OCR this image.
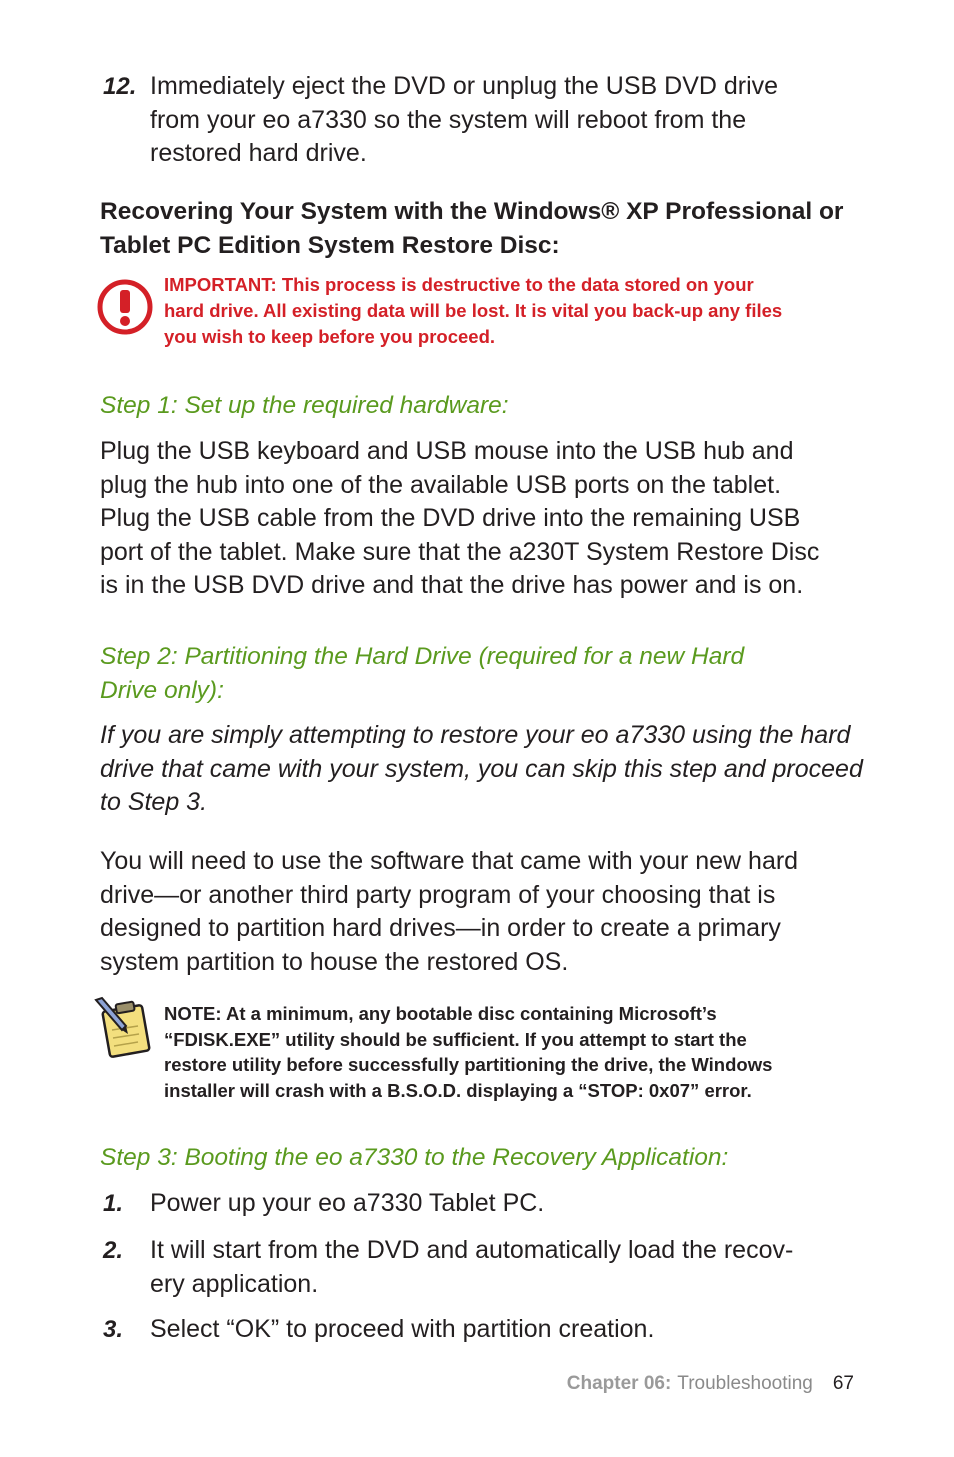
12. Immediately eject the DVD or unplug the USB DVD drive
from your eo a7330 so the system will reboot from the
restored hard drive.
Recovering Your System with the Windows® XP Professional or
Tablet PC Edition System Restore Disc:
IMPORTANT: This process is destructive to the data stored on your
hard drive. All existing data will be lost. It is vital you back-up any files
you wish to keep before you proceed.
Step 1: Set up the required hardware:
Plug the USB keyboard and USB mouse into the USB hub and
plug the hub into one of the available USB ports on the tablet.
Plug the USB cable from the DVD drive into the remaining USB
port of the tablet. Make sure that the a230T System Restore Disc
is in the USB DVD drive and that the drive has power and is on.
Step 2: Partitioning the Hard Drive (required for a new Hard
Drive only):
If you are simply attempting to restore your eo a7330 using the hard
drive that came with your system, you can skip this step and proceed
to Step 3.
You will need to use the software that came with your new hard
drive—or another third party program of your choosing that is
designed to partition hard drives—in order to create a primary
system partition to house the restored OS.
NOTE: At a minimum, any bootable disc containing Microsoft’s
“FDISK.EXE” utility should be sufficient. If you attempt to start the
restore utility before successfully partitioning the drive, the Windows
installer will crash with a B.S.O.D. displaying a “STOP: 0x07” error.
Step 3: Booting the eo a7330 to the Recovery Application:
1.	Power up your eo a7330 Tablet PC.
2.	It will start from the DVD and automatically load the recov-
ery application.
3.	Select “OK” to proceed with partition creation.
Chapter 06: Troubleshooting 67
